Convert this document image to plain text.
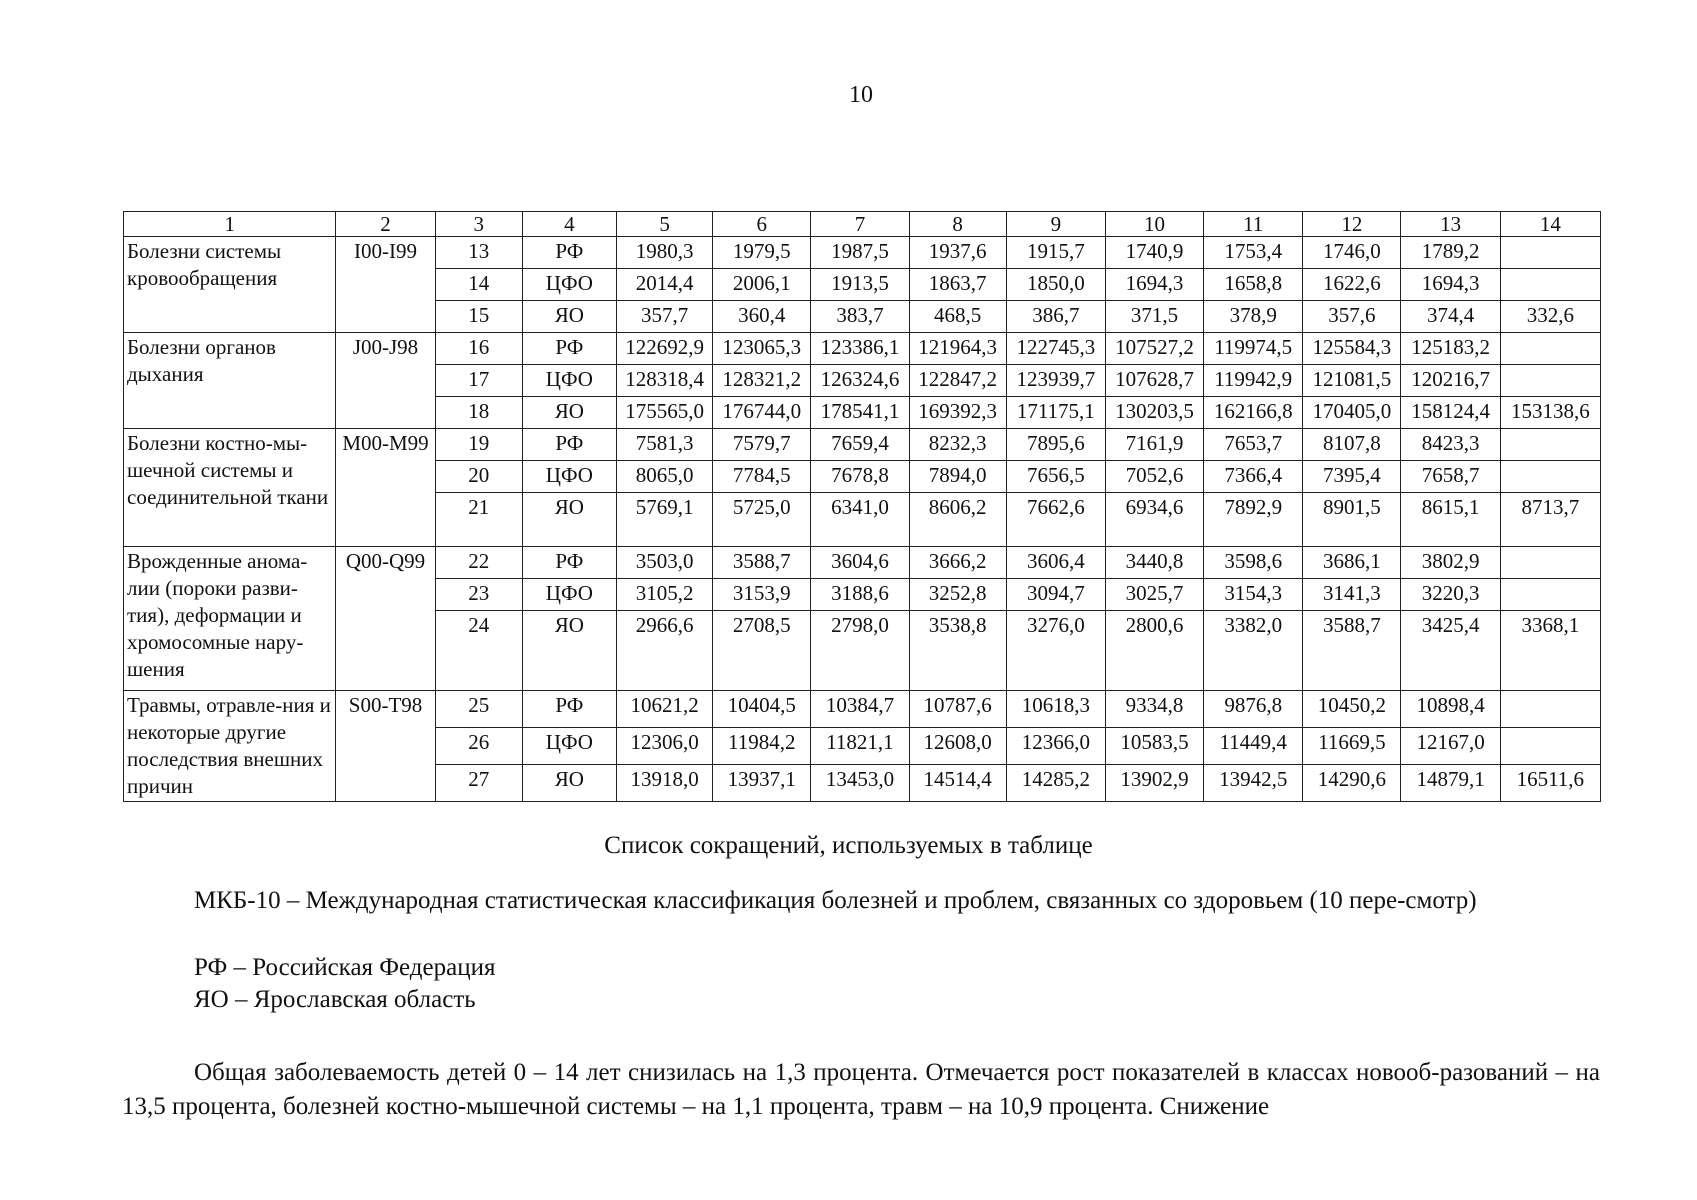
10
1	2	3	4	5	6	7	8	9	10	11	12	13	14
Болезни системы кровообращения	I00-I99	13	РФ	1980,3	1979,5	1987,5	1937,6	1915,7	1740,9	1753,4	1746,0	1789,2	
		14	ЦФО	2014,4	2006,1	1913,5	1863,7	1850,0	1694,3	1658,8	1622,6	1694,3	
		15	ЯО	357,7	360,4	383,7	468,5	386,7	371,5	378,9	357,6	374,4	332,6
Болезни органов дыхания	J00-J98	16	РФ	122692,9	123065,3	123386,1	121964,3	122745,3	107527,2	119974,5	125584,3	125183,2	
		17	ЦФО	128318,4	128321,2	126324,6	122847,2	123939,7	107628,7	119942,9	121081,5	120216,7	
		18	ЯО	175565,0	176744,0	178541,1	169392,3	171175,1	130203,5	162166,8	170405,0	158124,4	153138,6
Болезни костно-мы-шечной системы и соединительной ткани	М00-М99	19	РФ	7581,3	7579,7	7659,4	8232,3	7895,6	7161,9	7653,7	8107,8	8423,3	
		20	ЦФО	8065,0	7784,5	7678,8	7894,0	7656,5	7052,6	7366,4	7395,4	7658,7	
		21	ЯО	5769,1	5725,0	6341,0	8606,2	7662,6	6934,6	7892,9	8901,5	8615,1	8713,7
Врожденные анома-лии (пороки разви-тия), деформации и хромосомные нару-шения	Q00-Q99	22	РФ	3503,0	3588,7	3604,6	3666,2	3606,4	3440,8	3598,6	3686,1	3802,9	
		23	ЦФО	3105,2	3153,9	3188,6	3252,8	3094,7	3025,7	3154,3	3141,3	3220,3	
		24	ЯО	2966,6	2708,5	2798,0	3538,8	3276,0	2800,6	3382,0	3588,7	3425,4	3368,1
Травмы, отравле-ния и некоторые другие последствия внешних причин	S00-T98	25	РФ	10621,2	10404,5	10384,7	10787,6	10618,3	9334,8	9876,8	10450,2	10898,4	
		26	ЦФО	12306,0	11984,2	11821,1	12608,0	12366,0	10583,5	11449,4	11669,5	12167,0	
		27	ЯО	13918,0	13937,1	13453,0	14514,4	14285,2	13902,9	13942,5	14290,6	14879,1	16511,6
Список сокращений, используемых в таблице

МКБ-10 – Международная статистическая классификация болезней и проблем, связанных со здоровьем (10 пере-смотр)

РФ – Российская Федерация

ЯО – Ярославская область

Общая заболеваемость детей 0 – 14 лет снизилась на 1,3 процента. Отмечается рост показателей в классах новооб-разований – на 13,5 процента, болезней костно-мышечной системы – на 1,1 процента, травм – на 10,9 процента. Снижение
